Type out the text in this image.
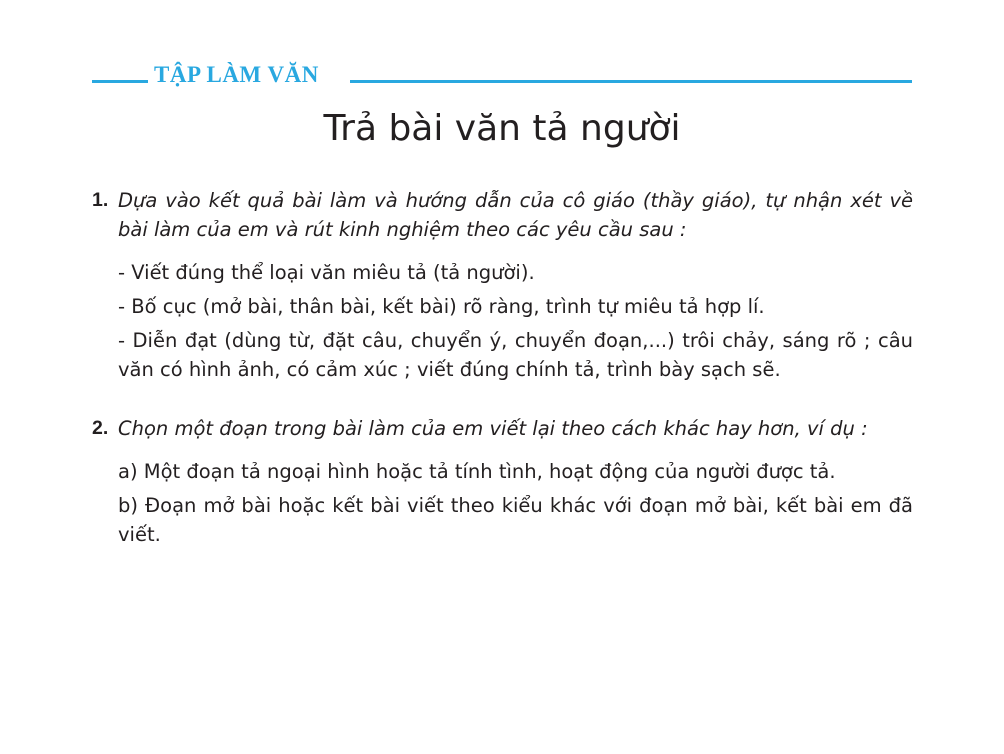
TẬP LÀM VĂN
Trả bài văn tả người
1. Dựa vào kết quả bài làm và hướng dẫn của cô giáo (thầy giáo), tự nhận xét về bài làm của em và rút kinh nghiệm theo các yêu cầu sau :
- Viết đúng thể loại văn miêu tả (tả người).
- Bố cục (mở bài, thân bài, kết bài) rõ ràng, trình tự miêu tả hợp lí.
- Diễn đạt (dùng từ, đặt câu, chuyển ý, chuyển đoạn,...) trôi chảy, sáng rõ ; câu văn có hình ảnh, có cảm xúc ; viết đúng chính tả, trình bày sạch sẽ.
2. Chọn một đoạn trong bài làm của em viết lại theo cách khác hay hơn, ví dụ :
a) Một đoạn tả ngoại hình hoặc tả tính tình, hoạt động của người được tả.
b) Đoạn mở bài hoặc kết bài viết theo kiểu khác với đoạn mở bài, kết bài em đã viết.
